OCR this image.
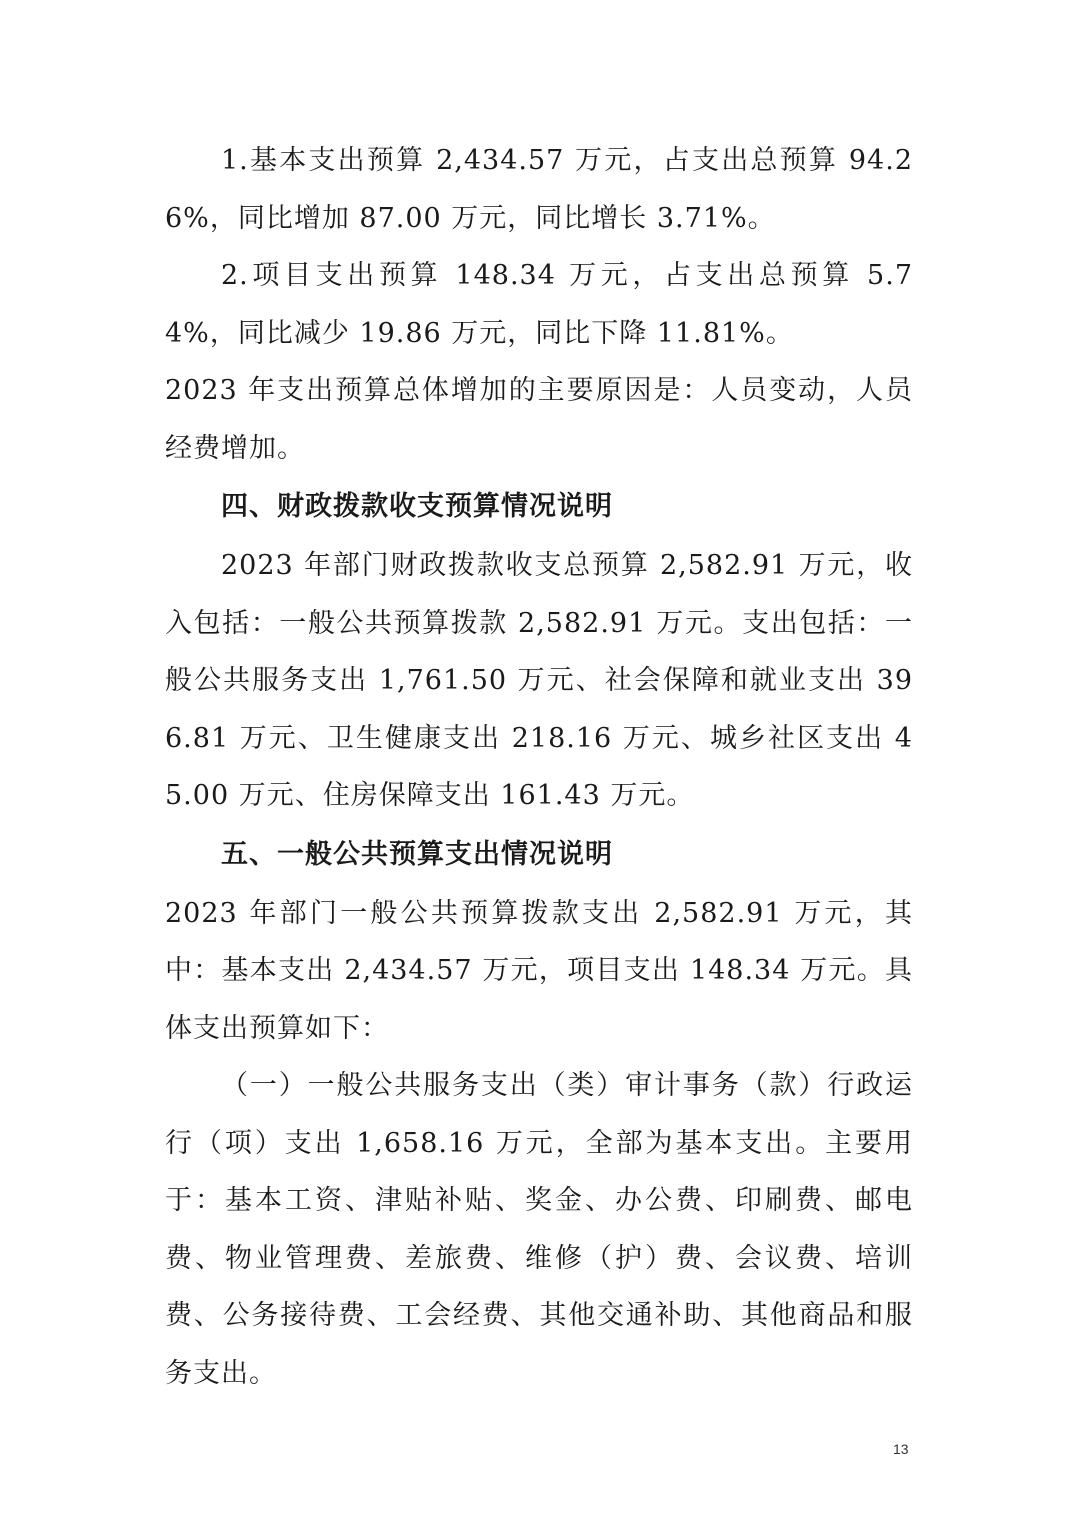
1.基本支出预算 2,434.57 万元，占支出总预算 94.26%，同比增加 87.00 万元，同比增长 3.71%。

2.项目支出预算 148.34 万元，占支出总预算 5.74%，同比减少 19.86 万元，同比下降 11.81%。

2023 年支出预算总体增加的主要原因是：人员变动，人员经费增加。

四、财政拨款收支预算情况说明

2023 年部门财政拨款收支总预算 2,582.91 万元，收入包括：一般公共预算拨款 2,582.91 万元。支出包括：一般公共服务支出 1,761.50 万元、社会保障和就业支出 396.81 万元、卫生健康支出 218.16 万元、城乡社区支出 45.00 万元、住房保障支出 161.43 万元。

五、一般公共预算支出情况说明

2023 年部门一般公共预算拨款支出 2,582.91 万元，其中：基本支出 2,434.57 万元，项目支出 148.34 万元。具体支出预算如下：

（一）一般公共服务支出（类）审计事务（款）行政运行（项）支出 1,658.16 万元，全部为基本支出。主要用于：基本工资、津贴补贴、奖金、办公费、印刷费、邮电费、物业管理费、差旅费、维修（护）费、会议费、培训费、公务接待费、工会经费、其他交通补助、其他商品和服务支出。

13
